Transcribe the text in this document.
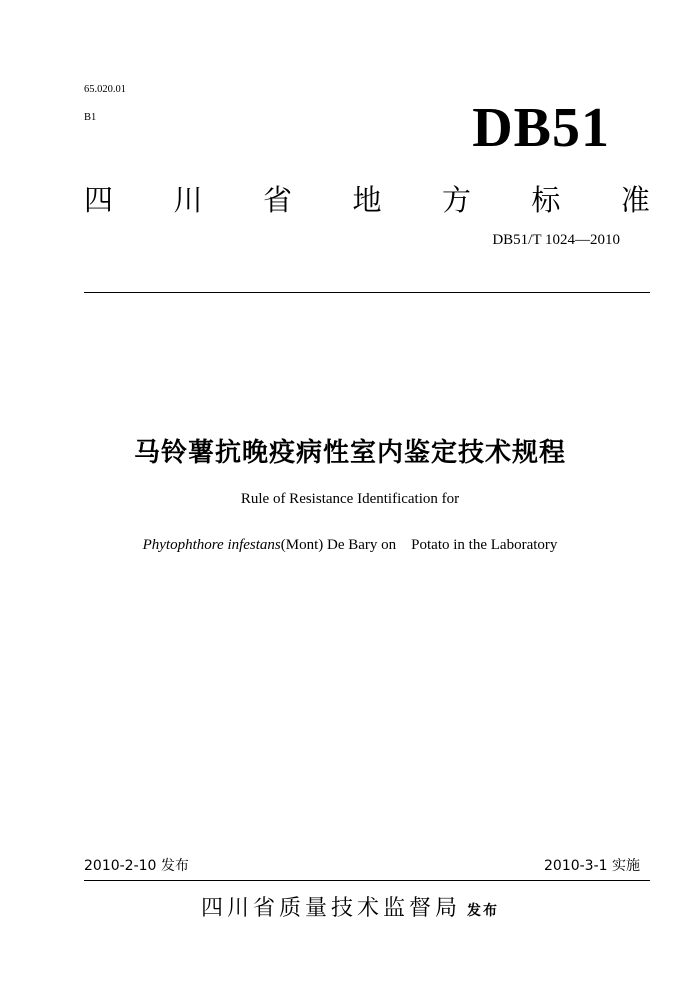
65.020.01
B1	DB51
四 川 省 地 方 标 准
DB51/T 1024—2010
马铃薯抗晚疫病性室内鉴定技术规程
Rule of Resistance Identification for
Phytophthore infestans(Mont) De Bary on    Potato in the Laboratory
2010-2-10 发布	2010-3-1 实施
四川省质量技术监督局 发布
